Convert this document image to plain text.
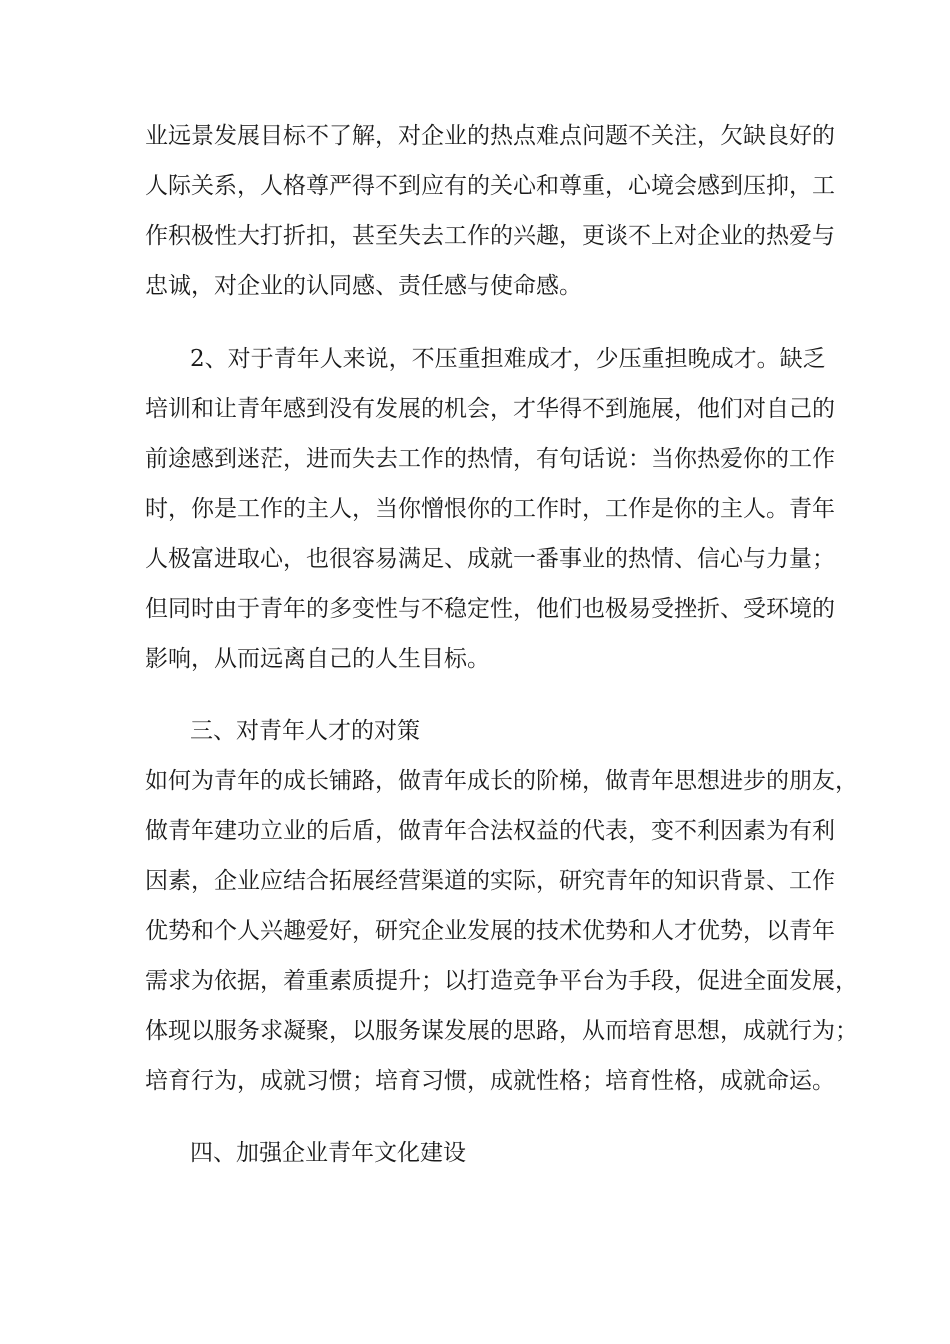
业远景发展目标不了解，对企业的热点难点问题不关注，欠缺良好的
人际关系，人格尊严得不到应有的关心和尊重，心境会感到压抑，工
作积极性大打折扣，甚至失去工作的兴趣，更谈不上对企业的热爱与
忠诚，对企业的认同感、责任感与使命感。
2、对于青年人来说，不压重担难成才，少压重担晚成才。缺乏
培训和让青年感到没有发展的机会，才华得不到施展，他们对自己的
前途感到迷茫，进而失去工作的热情，有句话说：当你热爱你的工作
时，你是工作的主人，当你憎恨你的工作时，工作是你的主人。青年
人极富进取心，也很容易满足、成就一番事业的热情、信心与力量；
但同时由于青年的多变性与不稳定性，他们也极易受挫折、受环境的
影响，从而远离自己的人生目标。
三、对青年人才的对策
如何为青年的成长铺路，做青年成长的阶梯，做青年思想进步的朋友，
做青年建功立业的后盾，做青年合法权益的代表，变不利因素为有利
因素，企业应结合拓展经营渠道的实际，研究青年的知识背景、工作
优势和个人兴趣爱好，研究企业发展的技术优势和人才优势，以青年
需求为依据，着重素质提升；以打造竞争平台为手段，促进全面发展，
体现以服务求凝聚，以服务谋发展的思路，从而培育思想，成就行为；
培育行为，成就习惯；培育习惯，成就性格；培育性格，成就命运。
四、加强企业青年文化建设
